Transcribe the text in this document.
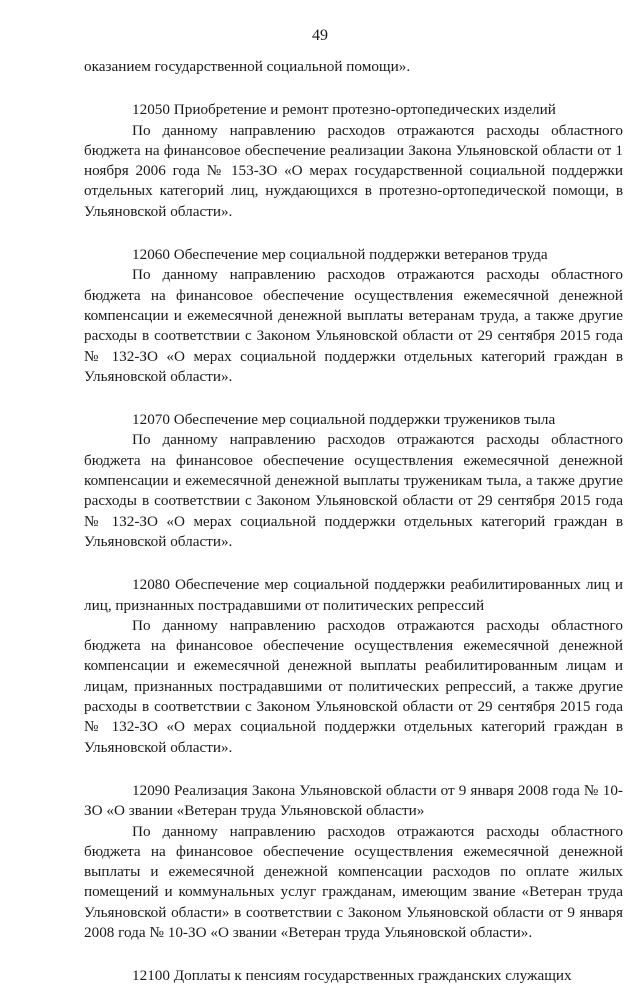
49

оказанием государственной социальной помощи».

12050 Приобретение и ремонт протезно-ортопедических изделий

По данному направлению расходов отражаются расходы областного бюджета на финансовое обеспечение реализации Закона Ульяновской области от 1 ноября 2006 года № 153-ЗО «О мерах государственной социальной поддержки отдельных категорий лиц, нуждающихся в протезно-ортопедической помощи, в Ульяновской области».

12060 Обеспечение мер социальной поддержки ветеранов труда

По данному направлению расходов отражаются расходы областного бюджета на финансовое обеспечение осуществления ежемесячной денежной компенсации и ежемесячной денежной выплаты ветеранам труда, а также другие расходы в соответствии с Законом Ульяновской области от 29 сентября 2015 года № 132-ЗО «О мерах социальной поддержки отдельных категорий граждан в Ульяновской области».

12070 Обеспечение мер социальной поддержки тружеников тыла

По данному направлению расходов отражаются расходы областного бюджета на финансовое обеспечение осуществления ежемесячной денежной компенсации и ежемесячной денежной выплаты труженикам тыла, а также другие расходы в соответствии с Законом Ульяновской области от 29 сентября 2015 года № 132-ЗО «О мерах социальной поддержки отдельных категорий граждан в Ульяновской области».

12080 Обеспечение мер социальной поддержки реабилитированных лиц и лиц, признанных пострадавшими от политических репрессий

По данному направлению расходов отражаются расходы областного бюджета на финансовое обеспечение осуществления ежемесячной денежной компенсации и ежемесячной денежной выплаты реабилитированным лицам и лицам, признанных пострадавшими от политических репрессий, а также другие расходы в соответствии с Законом Ульяновской области от 29 сентября 2015 года № 132-ЗО «О мерах социальной поддержки отдельных категорий граждан в Ульяновской области».

12090 Реализация Закона Ульяновской области от 9 января 2008 года № 10-ЗО «О звании «Ветеран труда Ульяновской области»

По данному направлению расходов отражаются расходы областного бюджета на финансовое обеспечение осуществления ежемесячной денежной выплаты и ежемесячной денежной компенсации расходов по оплате жилых помещений и коммунальных услуг гражданам, имеющим звание «Ветеран труда Ульяновской области» в соответствии с Законом Ульяновской области от 9 января 2008 года № 10-ЗО «О звании «Ветеран труда Ульяновской области».

12100 Доплаты к пенсиям государственных гражданских служащих
